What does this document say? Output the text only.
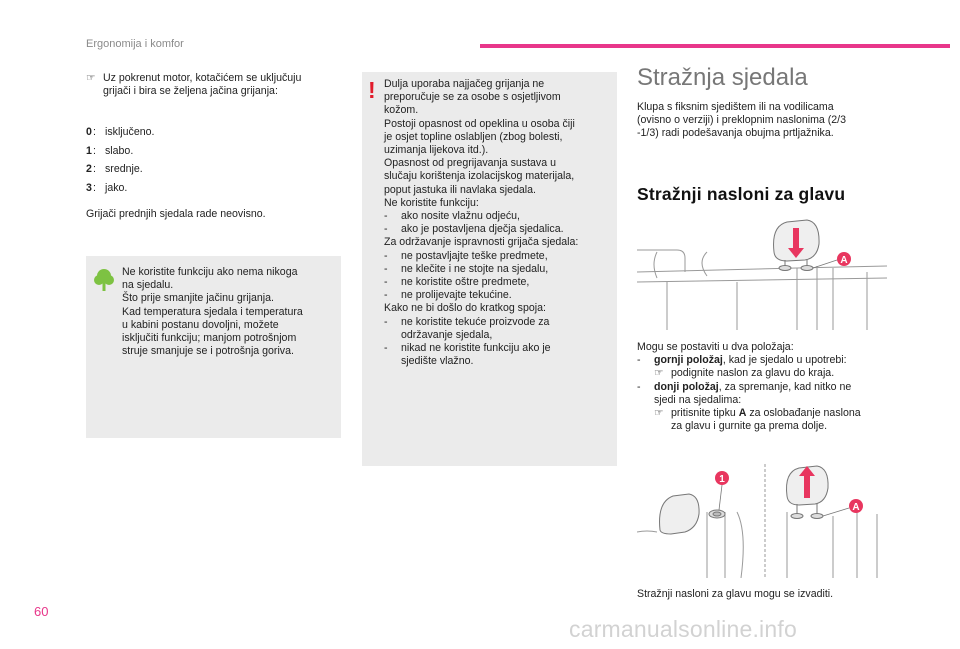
Ergonomija i komfor
☞ Uz pokrenut motor, kotačićem se uključuju
grijači i bira se željena jačina grijanja:
0 : isključeno.
1 : slabo.
2 : srednje.
3 : jako.
Grijači prednjih sjedala rade neovisno.
Ne koristite funkciju ako nema nikoga
na sjedalu.
Što prije smanjite jačinu grijanja.
Kad temperatura sjedala i temperatura
u kabini postanu dovoljni, možete
isključiti funkciju; manjom potrošnjom
struje smanjuje se i potrošnja goriva.
! Dulja uporaba najjačeg grijanja ne
preporučuje se za osobe s osjetljivom
kožom.
Postoji opasnost od opeklina u osoba čiji
je osjet topline oslabljen (zbog bolesti,
uzimanja lijekova itd.).
Opasnost od pregrijavanja sustava u
slučaju korištenja izolacijskog materijala,
poput jastuka ili navlaka sjedala.
Ne koristite funkciju:
-	ako nosite vlažnu odjeću,
-	ako je postavljena dječja sjedalica.
Za održavanje ispravnosti grijača sjedala:
-	ne postavljajte teške predmete,
-	ne klečite i ne stojte na sjedalu,
-	ne koristite oštre predmete,
-	ne prolijevajte tekućine.
Kako ne bi došlo do kratkog spoja:
-	ne koristite tekuće proizvode za
održavanje sjedala,
-	nikad ne koristite funkciju ako je
sjedište vlažno.
Stražnja sjedala
Klupa s fiksnim sjedištem ili na vodilicama
(ovisno o verziji) i preklopnim naslonima (2/3
-1/3) radi podešavanja obujma prtljažnika.
Stražnji nasloni za glavu
A
Mogu se postaviti u dva položaja:
-	gornji položaj, kad je sjedalo u upotrebi:
☞ podignite naslon za glavu do kraja.
-	donji položaj, za spremanje, kad nitko ne
sjedi na sjedalima:
☞ pritisnite tipku A za oslobađanje naslona
za glavu i gurnite ga prema dolje.
1
A
Stražnji nasloni za glavu mogu se izvaditi.
60
carmanualsonline.info
